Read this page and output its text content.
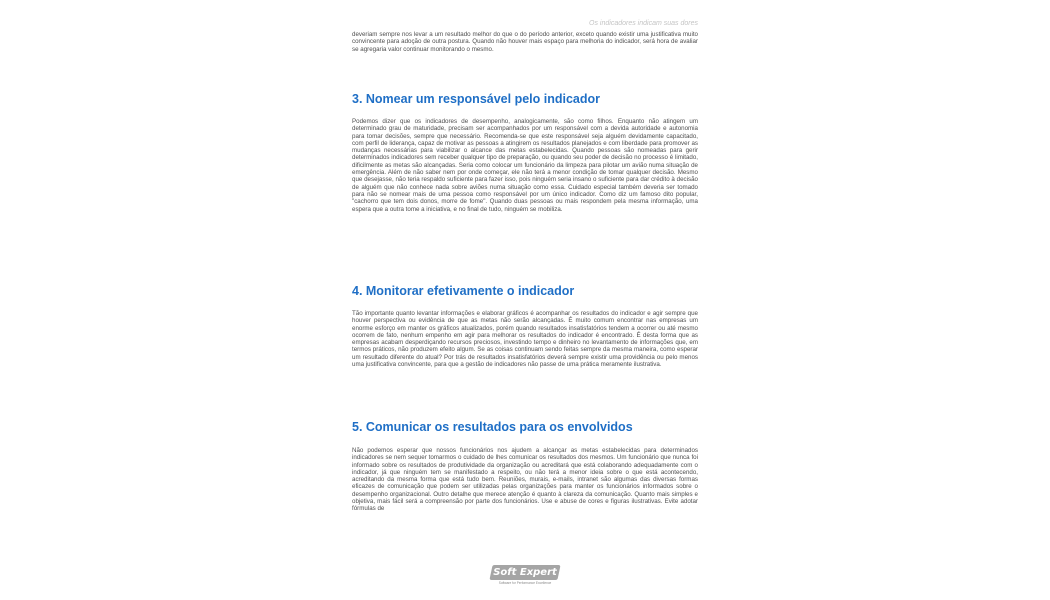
Os indicadores indicam suas dores

deveriam sempre nos levar a um resultado melhor do que o do período anterior, exceto quando existir uma justificativa muito convincente para adoção de outra postura. Quando não houver mais espaço para melhoria do indicador, será hora de avaliar se agregaria valor continuar monitorando o mesmo.

3. Nomear um responsável pelo indicador

Podemos dizer que os indicadores de desempenho, analogicamente, são como filhos. Enquanto não atingem um determinado grau de maturidade, precisam ser acompanhados por um responsável com a devida autoridade e autonomia para tomar decisões, sempre que necessário. Recomenda-se que este responsável seja alguém devidamente capacitado, com perfil de liderança, capaz de motivar as pessoas a atingirem os resultados planejados e com liberdade para promover as mudanças necessárias para viabilizar o alcance das metas estabelecidas. Quando pessoas são nomeadas para gerir determinados indicadores sem receber qualquer tipo de preparação, ou quando seu poder de decisão no processo é limitado, dificilmente as metas são alcançadas. Seria como colocar um funcionário da limpeza para pilotar um avião numa situação de emergência. Além de não saber nem por onde começar, ele não terá a menor condição de tomar qualquer decisão. Mesmo que desejasse, não teria respaldo suficiente para fazer isso, pois ninguém seria insano o suficiente para dar crédito à decisão de alguém que não conhece nada sobre aviões numa situação como essa. Cuidado especial também deveria ser tomado para não se nomear mais de uma pessoa como responsável por um único indicador. Como diz um famoso dito popular, "cachorro que tem dois donos, morre de fome". Quando duas pessoas ou mais respondem pela mesma informação, uma espera que a outra tome a iniciativa, e no final de tudo, ninguém se mobiliza.

4. Monitorar efetivamente o indicador

Tão importante quanto levantar informações e elaborar gráficos é acompanhar os resultados do indicador e agir sempre que houver perspectiva ou evidência de que as metas não serão alcançadas. É muito comum encontrar nas empresas um enorme esforço em manter os gráficos atualizados, porém quando resultados insatisfatórios tendem a ocorrer ou até mesmo ocorrem de fato, nenhum empenho em agir para melhorar os resultados do indicador é encontrado. É desta forma que as empresas acabam desperdiçando recursos preciosos, investindo tempo e dinheiro no levantamento de informações que, em termos práticos, não produzem efeito algum. Se as coisas continuam sendo feitas sempre da mesma maneira, como esperar um resultado diferente do atual? Por trás de resultados insatisfatórios deverá sempre existir uma providência ou pelo menos uma justificativa convincente, para que a gestão de indicadores não passe de uma prática meramente ilustrativa.

5. Comunicar os resultados para os envolvidos

Não podemos esperar que nossos funcionários nos ajudem a alcançar as metas estabelecidas para determinados indicadores se nem sequer tomarmos o cuidado de lhes comunicar os resultados dos mesmos. Um funcionário que nunca foi informado sobre os resultados de produtividade da organização ou acreditará que está colaborando adequadamente com o indicador, já que ninguém tem se manifestado a respeito, ou não terá a menor ideia sobre o que está acontecendo, acreditando da mesma forma que está tudo bem. Reuniões, murais, e-mails, intranet são algumas das diversas formas eficazes de comunicação que podem ser utilizadas pelas organizações para manter os funcionários informados sobre o desempenho organizacional. Outro detalhe que merece atenção é quanto à clareza da comunicação. Quanto mais simples e objetiva, mais fácil será a compreensão por parte dos funcionários. Use e abuse de cores e figuras ilustrativas. Evite adotar fórmulas de

Soft Expert
Software for Performance Excellence
